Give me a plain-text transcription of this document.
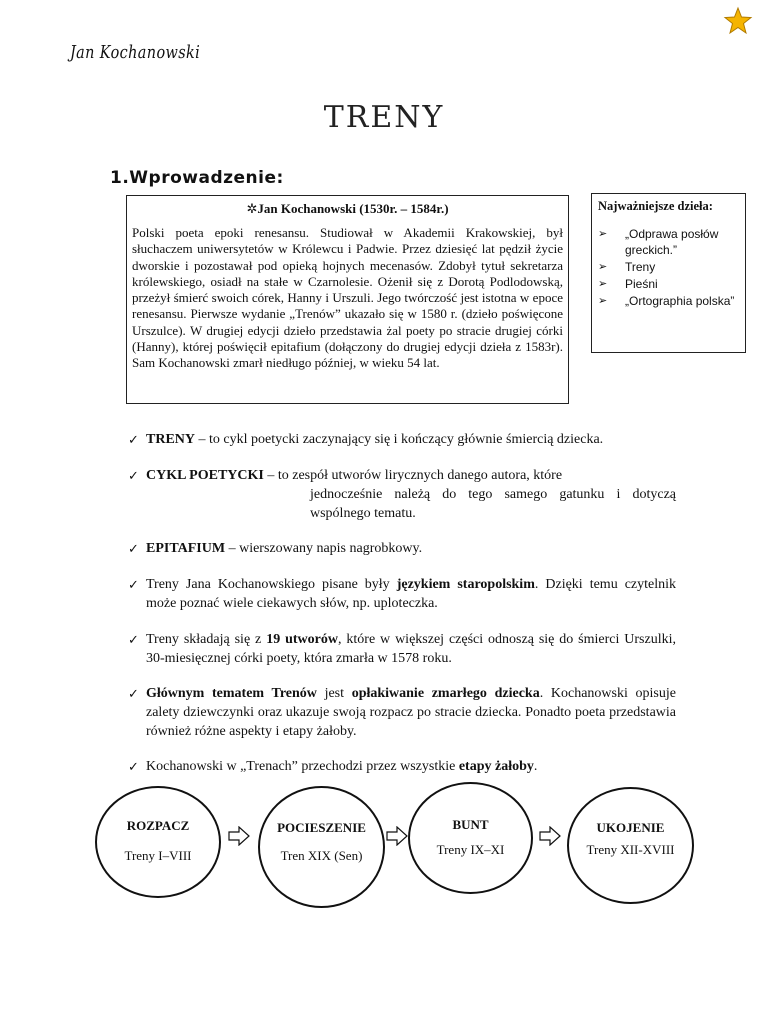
Jan Kochanowski
TRENY
1.Wprowadzenie:
✲Jan Kochanowski (1530r. – 1584r.)
Polski poeta epoki renesansu. Studiował w Akademii Krakowskiej, był słuchaczem uniwersytetów w Królewcu i Padwie. Przez dziesięć lat pędził życie dworskie i pozostawał pod opieką hojnych mecenasów. Zdobył tytuł sekretarza królewskiego, osiadł na stałe w Czarnolesie. Ożenił się z Dorotą Podlodowską, przeżył śmierć swoich córek, Hanny i Urszuli. Jego twórczość jest istotna w epoce renesansu. Pierwsze wydanie „Trenów” ukazało się w 1580 r. (dzieło poświęcone Urszulce). W drugiej edycji dzieło przedstawia żal poety po stracie drugiej córki (Hanny), której poświęcił epitafium (dołączony do drugiej edycji dzieła z 1583r). Sam Kochanowski zmarł niedługo później, w wieku 54 lat.
Najważniejsze dzieła:
➢ „Odprawa posłów greckich.”
➢ Treny
➢ Pieśni
➢ „Ortographia polska”
✓ TRENY – to cykl poetycki zaczynający się i kończący głównie śmiercią dziecka.
✓ CYKL POETYCKI – to zespół utworów lirycznych danego autora, które
jednocześnie należą do tego samego gatunku i dotyczą wspólnego tematu.
✓ EPITAFIUM – wierszowany napis nagrobkowy.
✓ Treny Jana Kochanowskiego pisane były językiem staropolskim. Dzięki temu czytelnik może poznać wiele ciekawych słów, np. uplotеczka.
✓ Treny składają się z 19 utworów, które w większej części odnoszą się do śmierci Urszulki, 30-miesięcznej córki poety, która zmarła w 1578 roku.
✓ Głównym tematem Trenów jest opłakiwanie zmarłego dziecka. Kochanowski opisuje zalety dziewczynki oraz ukazuje swoją rozpacz po stracie dziecka. Ponadto poeta przedstawia również różne aspekty i etapy żałoby.
✓ Kochanowski w „Trenach” przechodzi przez wszystkie etapy żałoby.
ROZPACZ
Treny I–VIII
POCIESZENIE
Tren XIX (Sen)
BUNT
Treny IX–XI
UKOJENIE
Treny XII-XVIII
